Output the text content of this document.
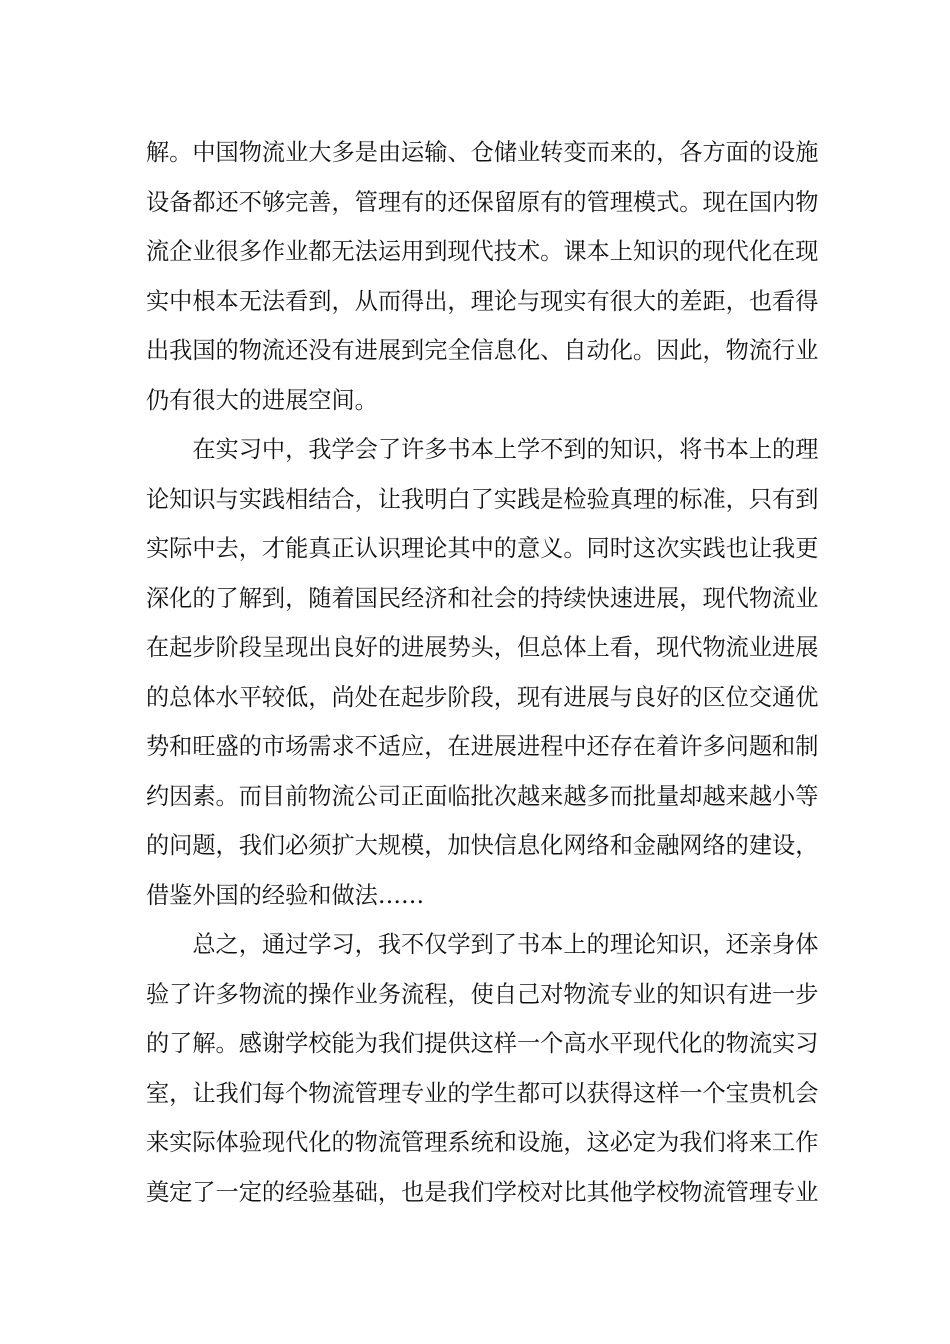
解。中国物流业大多是由运输、仓储业转变而来的，各方面的设施
设备都还不够完善，管理有的还保留原有的管理模式。现在国内物
流企业很多作业都无法运用到现代技术。课本上知识的现代化在现
实中根本无法看到，从而得出，理论与现实有很大的差距，也看得
出我国的物流还没有进展到完全信息化、自动化。因此，物流行业
仍有很大的进展空间。
　　在实习中，我学会了许多书本上学不到的知识，将书本上的理
论知识与实践相结合，让我明白了实践是检验真理的标准，只有到
实际中去，才能真正认识理论其中的意义。同时这次实践也让我更
深化的了解到，随着国民经济和社会的持续快速进展，现代物流业
在起步阶段呈现出良好的进展势头，但总体上看，现代物流业进展
的总体水平较低，尚处在起步阶段，现有进展与良好的区位交通优
势和旺盛的市场需求不适应，在进展进程中还存在着许多问题和制
约因素。而目前物流公司正面临批次越来越多而批量却越来越小等
的问题，我们必须扩大规模，加快信息化网络和金融网络的建设，
借鉴外国的经验和做法……
　　总之，通过学习，我不仅学到了书本上的理论知识，还亲身体
验了许多物流的操作业务流程，使自己对物流专业的知识有进一步
的了解。感谢学校能为我们提供这样一个高水平现代化的物流实习
室，让我们每个物流管理专业的学生都可以获得这样一个宝贵机会
来实际体验现代化的物流管理系统和设施，这必定为我们将来工作
奠定了一定的经验基础，也是我们学校对比其他学校物流管理专业
